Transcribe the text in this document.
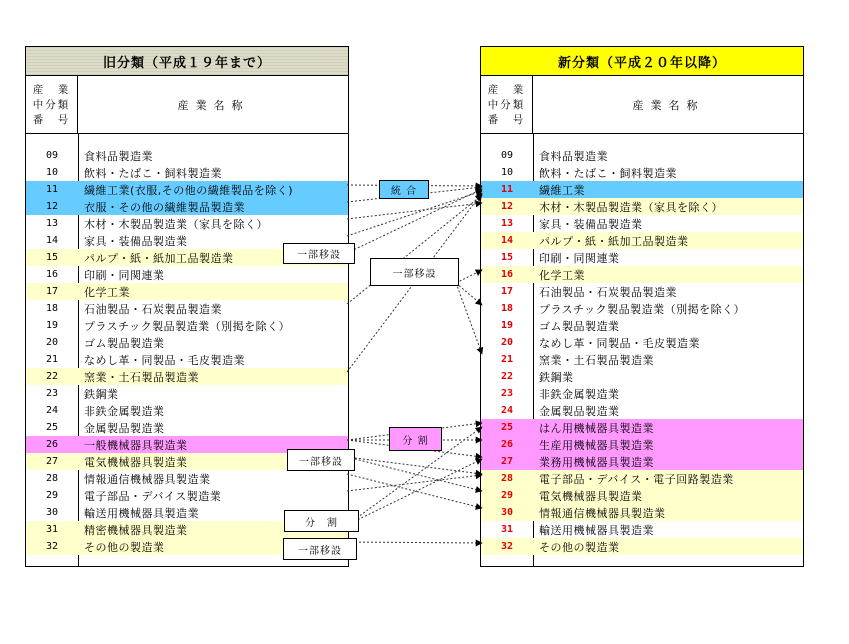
旧分類（平成１９年まで）
産　業
中分類
番　号
産業名称
09	食料品製造業
10	飲料・たばこ・飼料製造業
11	繊維工業(衣服,その他の繊維製品を除く)
12	衣服・その他の繊維製品製造業
13	木材・木製品製造業（家具を除く）
14	家具・装備品製造業
15	パルプ・紙・紙加工品製造業
16	印刷・同関連業
17	化学工業
18	石油製品・石炭製品製造業
19	プラスチック製品製造業（別掲を除く）
20	ゴム製品製造業
21	なめし革・同製品・毛皮製造業
22	窯業・土石製品製造業
23	鉄鋼業
24	非鉄金属製造業
25	金属製品製造業
26	一般機械器具製造業
27	電気機械器具製造業
28	情報通信機械器具製造業
29	電子部品・デバイス製造業
30	輸送用機械器具製造業
31	精密機械器具製造業
32	その他の製造業
新分類（平成２０年以降）
産　業
中分類
番　号
産業名称
09	食料品製造業
10	飲料・たばこ・飼料製造業
11	繊維工業
12	木材・木製品製造業（家具を除く）
13	家具・装備品製造業
14	パルプ・紙・紙加工品製造業
15	印刷・同関連業
16	化学工業
17	石油製品・石炭製品製造業
18	プラスチック製品製造業（別掲を除く）
19	ゴム製品製造業
20	なめし革・同製品・毛皮製造業
21	窯業・土石製品製造業
22	鉄鋼業
23	非鉄金属製造業
24	金属製品製造業
25	はん用機械器具製造業
26	生産用機械器具製造業
27	業務用機械器具製造業
28	電子部品・デバイス・電子回路製造業
29	電気機械器具製造業
30	情報通信機械器具製造業
31	輸送用機械器具製造業
32	その他の製造業
統 合
一部移設
一部移設
分 割
一部移設
分　割
一部移設
